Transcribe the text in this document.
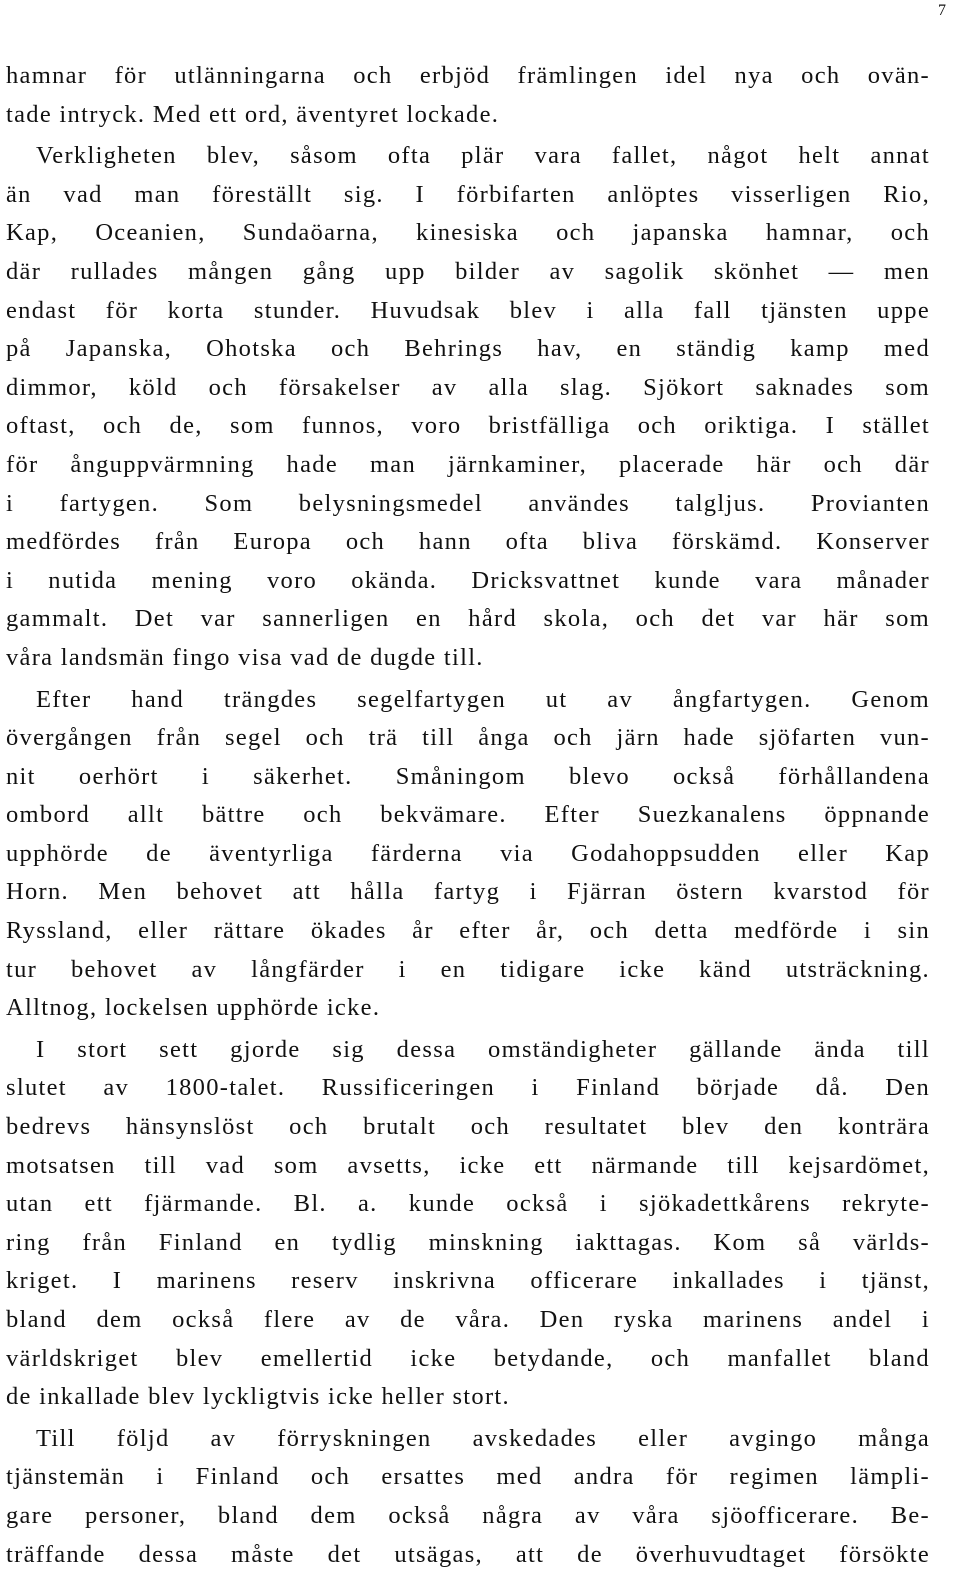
7
hamnar för utlänningarna och erbjöd främlingen idel nya och ovän-
tade intryck. Med ett ord, äventyret lockade.
Verkligheten blev, såsom ofta plär vara fallet, något helt annat
än vad man föreställt sig. I förbifarten anlöptes visserligen Rio,
Kap, Oceanien, Sundaöarna, kinesiska och japanska hamnar, och
där rullades mången gång upp bilder av sagolik skönhet — men
endast för korta stunder. Huvudsak blev i alla fall tjänsten uppe
på Japanska, Ohotska och Behrings hav, en ständig kamp med
dimmor, köld och försakelser av alla slag. Sjökort saknades som
oftast, och de, som funnos, voro bristfälliga och oriktiga. I stället
för ånguppvärmning hade man järnkaminer, placerade här och där
i fartygen. Som belysningsmedel användes talgljus. Provianten
medfördes från Europa och hann ofta bliva förskämd. Konserver
i nutida mening voro okända. Dricksvattnet kunde vara månader
gammalt. Det var sannerligen en hård skola, och det var här som
våra landsmän fingo visa vad de dugde till.
Efter hand trängdes segelfartygen ut av ångfartygen. Genom
övergången från segel och trä till ånga och järn hade sjöfarten vun-
nit oerhört i säkerhet. Småningom blevo också förhållandena
ombord allt bättre och bekvämare. Efter Suezkanalens öppnande
upphörde de äventyrliga färderna via Godahoppsudden eller Kap
Horn. Men behovet att hålla fartyg i Fjärran östern kvarstod för
Ryssland, eller rättare ökades år efter år, och detta medförde i sin
tur behovet av långfärder i en tidigare icke känd utsträckning.
Alltnog, lockelsen upphörde icke.
I stort sett gjorde sig dessa omständigheter gällande ända till
slutet av 1800-talet. Russificeringen i Finland började då. Den
bedrevs hänsynslöst och brutalt och resultatet blev den konträra
motsatsen till vad som avsetts, icke ett närmande till kejsardömet,
utan ett fjärmande. Bl. a. kunde också i sjökadettkårens rekryte-
ring från Finland en tydlig minskning iakttagas. Kom så världs-
kriget. I marinens reserv inskrivna officerare inkallades i tjänst,
bland dem också flere av de våra. Den ryska marinens andel i
världskriget blev emellertid icke betydande, och manfallet bland
de inkallade blev lyckligtvis icke heller stort.
Till följd av förryskningen avskedades eller avgingo många
tjänstemän i Finland och ersattes med andra för regimen lämpli-
gare personer, bland dem också några av våra sjöofficerare. Be-
träffande dessa måste det utsägas, att de överhuvudtaget försökte
